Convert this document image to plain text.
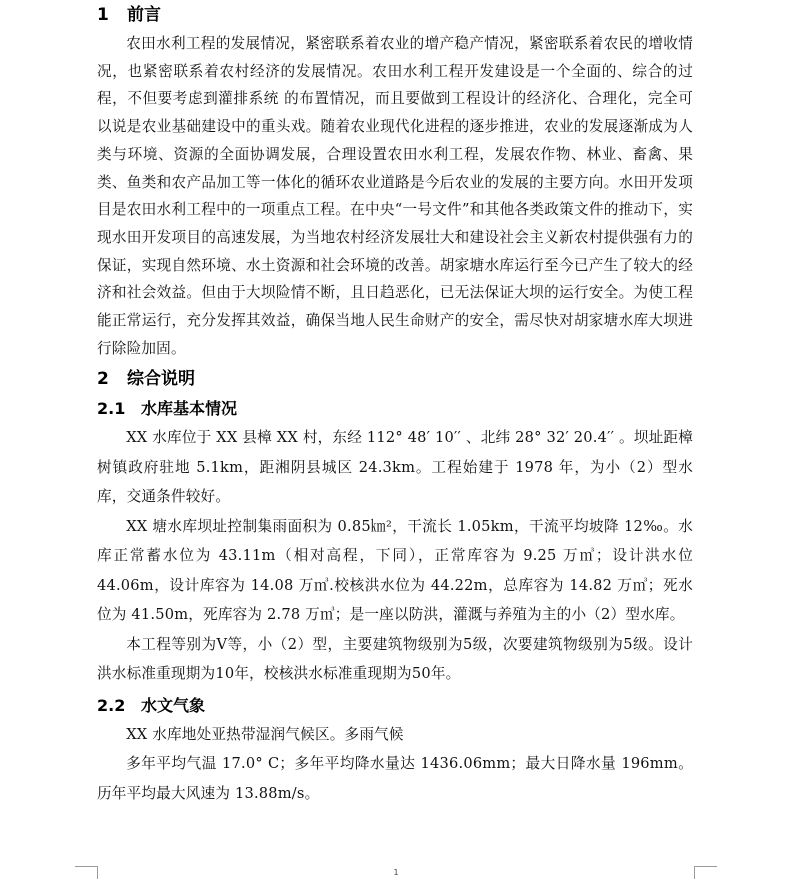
1 前言

农田水利工程的发展情况，紧密联系着农业的增产稳产情况，紧密联系着农民的增收情况，也紧密联系着农村经济的发展情况。农田水利工程开发建设是一个全面的、综合的过程，不但要考虑到灌排系统 的布置情况，而且要做到工程设计的经济化、合理化，完全可以说是农业基础建设中的重头戏。随着农业现代化进程的逐步推进，农业的发展逐渐成为人类与环境、资源的全面协调发展，合理设置农田水利工程，发展农作物、林业、畜禽、果类、鱼类和农产品加工等一体化的循环农业道路是今后农业的发展的主要方向。水田开发项目是农田水利工程中的一项重点工程。在中央“一号文件”和其他各类政策文件的推动下，实现水田开发项目的高速发展，为当地农村经济发展壮大和建设社会主义新农村提供强有力的保证，实现自然环境、水土资源和社会环境的改善。胡家塘水库运行至今已产生了较大的经济和社会效益。但由于大坝险情不断，且日趋恶化，已无法保证大坝的运行安全。为使工程能正常运行，充分发挥其效益，确保当地人民生命财产的安全，需尽快对胡家塘水库大坝进行除险加固。

2 综合说明
2.1 水库基本情况

XX 水库位于 XX 县樟 XX 村，东经 112° 48′ 10′′ 、北纬 28° 32′ 20.4′′ 。坝址距樟树镇政府驻地 5.1km，距湘阴县城区 24.3km。工程始建于 1978 年，为小（2）型水库，交通条件较好。

XX 塘水库坝址控制集雨面积为 0.85㎞²，干流长 1.05km，干流平均坡降 12‰。水库正常蓄水位为 43.11m（相对高程，下同），正常库容为 9.25 万㎥；设计洪水位 44.06m，设计库容为 14.08 万㎥.校核洪水位为 44.22m，总库容为 14.82 万㎥；死水位为 41.50m，死库容为 2.78 万㎥；是一座以防洪，灌溉与养殖为主的小（2）型水库。

本工程等别为Ⅴ等，小（2）型，主要建筑物级别为5级，次要建筑物级别为5级。设计洪水标准重现期为10年，校核洪水标准重现期为50年。

2.2 水文气象

XX 水库地处亚热带湿润气候区。多雨气候

多年平均气温 17.0° C；多年平均降水量达 1436.06mm；最大日降水量 196mm。历年平均最大风速为 13.88m/s。

1
